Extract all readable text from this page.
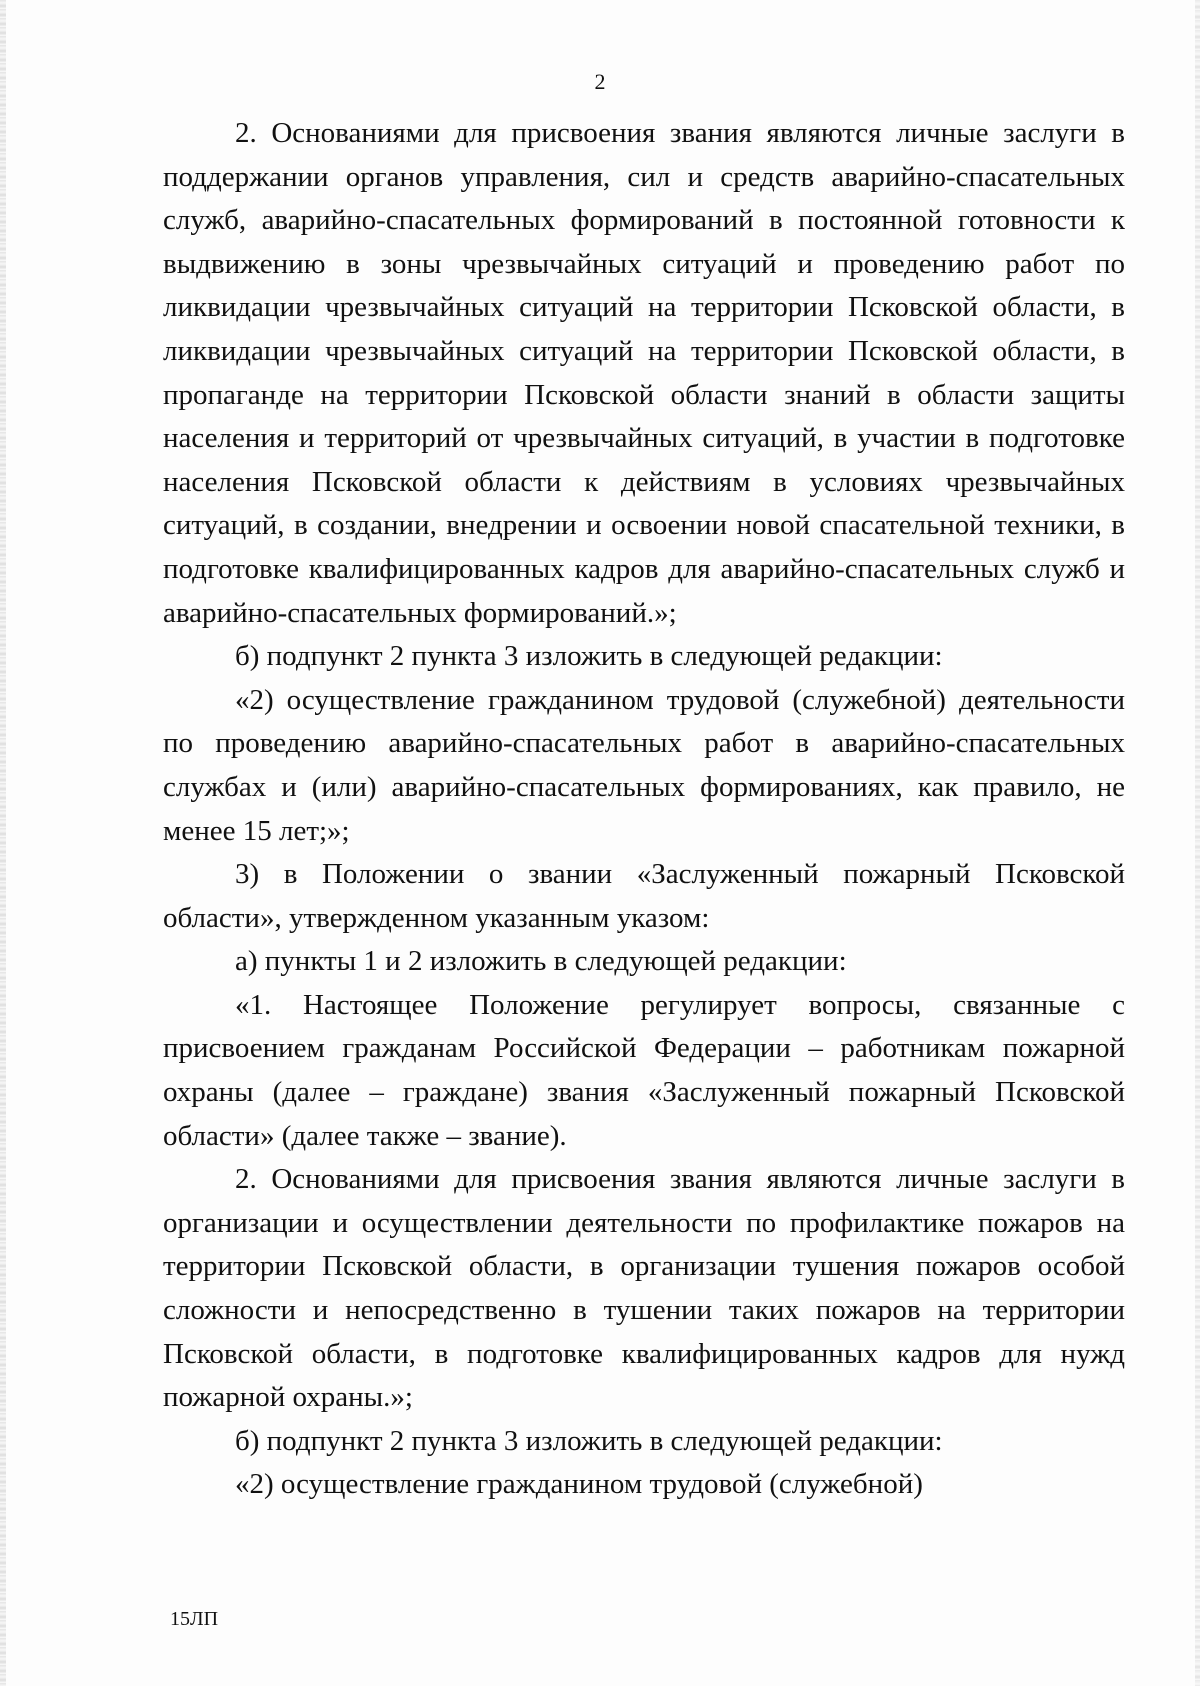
2

2. Основаниями для присвоения звания являются личные заслуги в поддержании органов управления, сил и средств аварийно-спасательных служб, аварийно-спасательных формирований в постоянной готовности к выдвижению в зоны чрезвычайных ситуаций и проведению работ по ликвидации чрезвычайных ситуаций на территории Псковской области, в ликвидации чрезвычайных ситуаций на территории Псковской области, в пропаганде на территории Псковской области знаний в области защиты населения и территорий от чрезвычайных ситуаций, в участии в подготовке населения Псковской области к действиям в условиях чрезвычайных ситуаций, в создании, внедрении и освоении новой спасательной техники, в подготовке квалифицированных кадров для аварийно-спасательных служб и аварийно-спасательных формирований.»;

б) подпункт 2 пункта 3 изложить в следующей редакции:

«2) осуществление гражданином трудовой (служебной) деятельности по проведению аварийно-спасательных работ в аварийно-спасательных службах и (или) аварийно-спасательных формированиях, как правило, не менее 15 лет;»;

3) в Положении о звании «Заслуженный пожарный Псковской области», утвержденном указанным указом:

а) пункты 1 и 2 изложить в следующей редакции:

«1. Настоящее Положение регулирует вопросы, связанные с присвоением гражданам Российской Федерации – работникам пожарной охраны (далее – граждане) звания «Заслуженный пожарный Псковской области» (далее также – звание).

2. Основаниями для присвоения звания являются личные заслуги в организации и осуществлении деятельности по профилактике пожаров на территории Псковской области, в организации тушения пожаров особой сложности и непосредственно в тушении таких пожаров на территории Псковской области, в подготовке квалифицированных кадров для нужд пожарной охраны.»;

б) подпункт 2 пункта 3 изложить в следующей редакции:

«2) осуществление гражданином трудовой (служебной)

15ЛП
